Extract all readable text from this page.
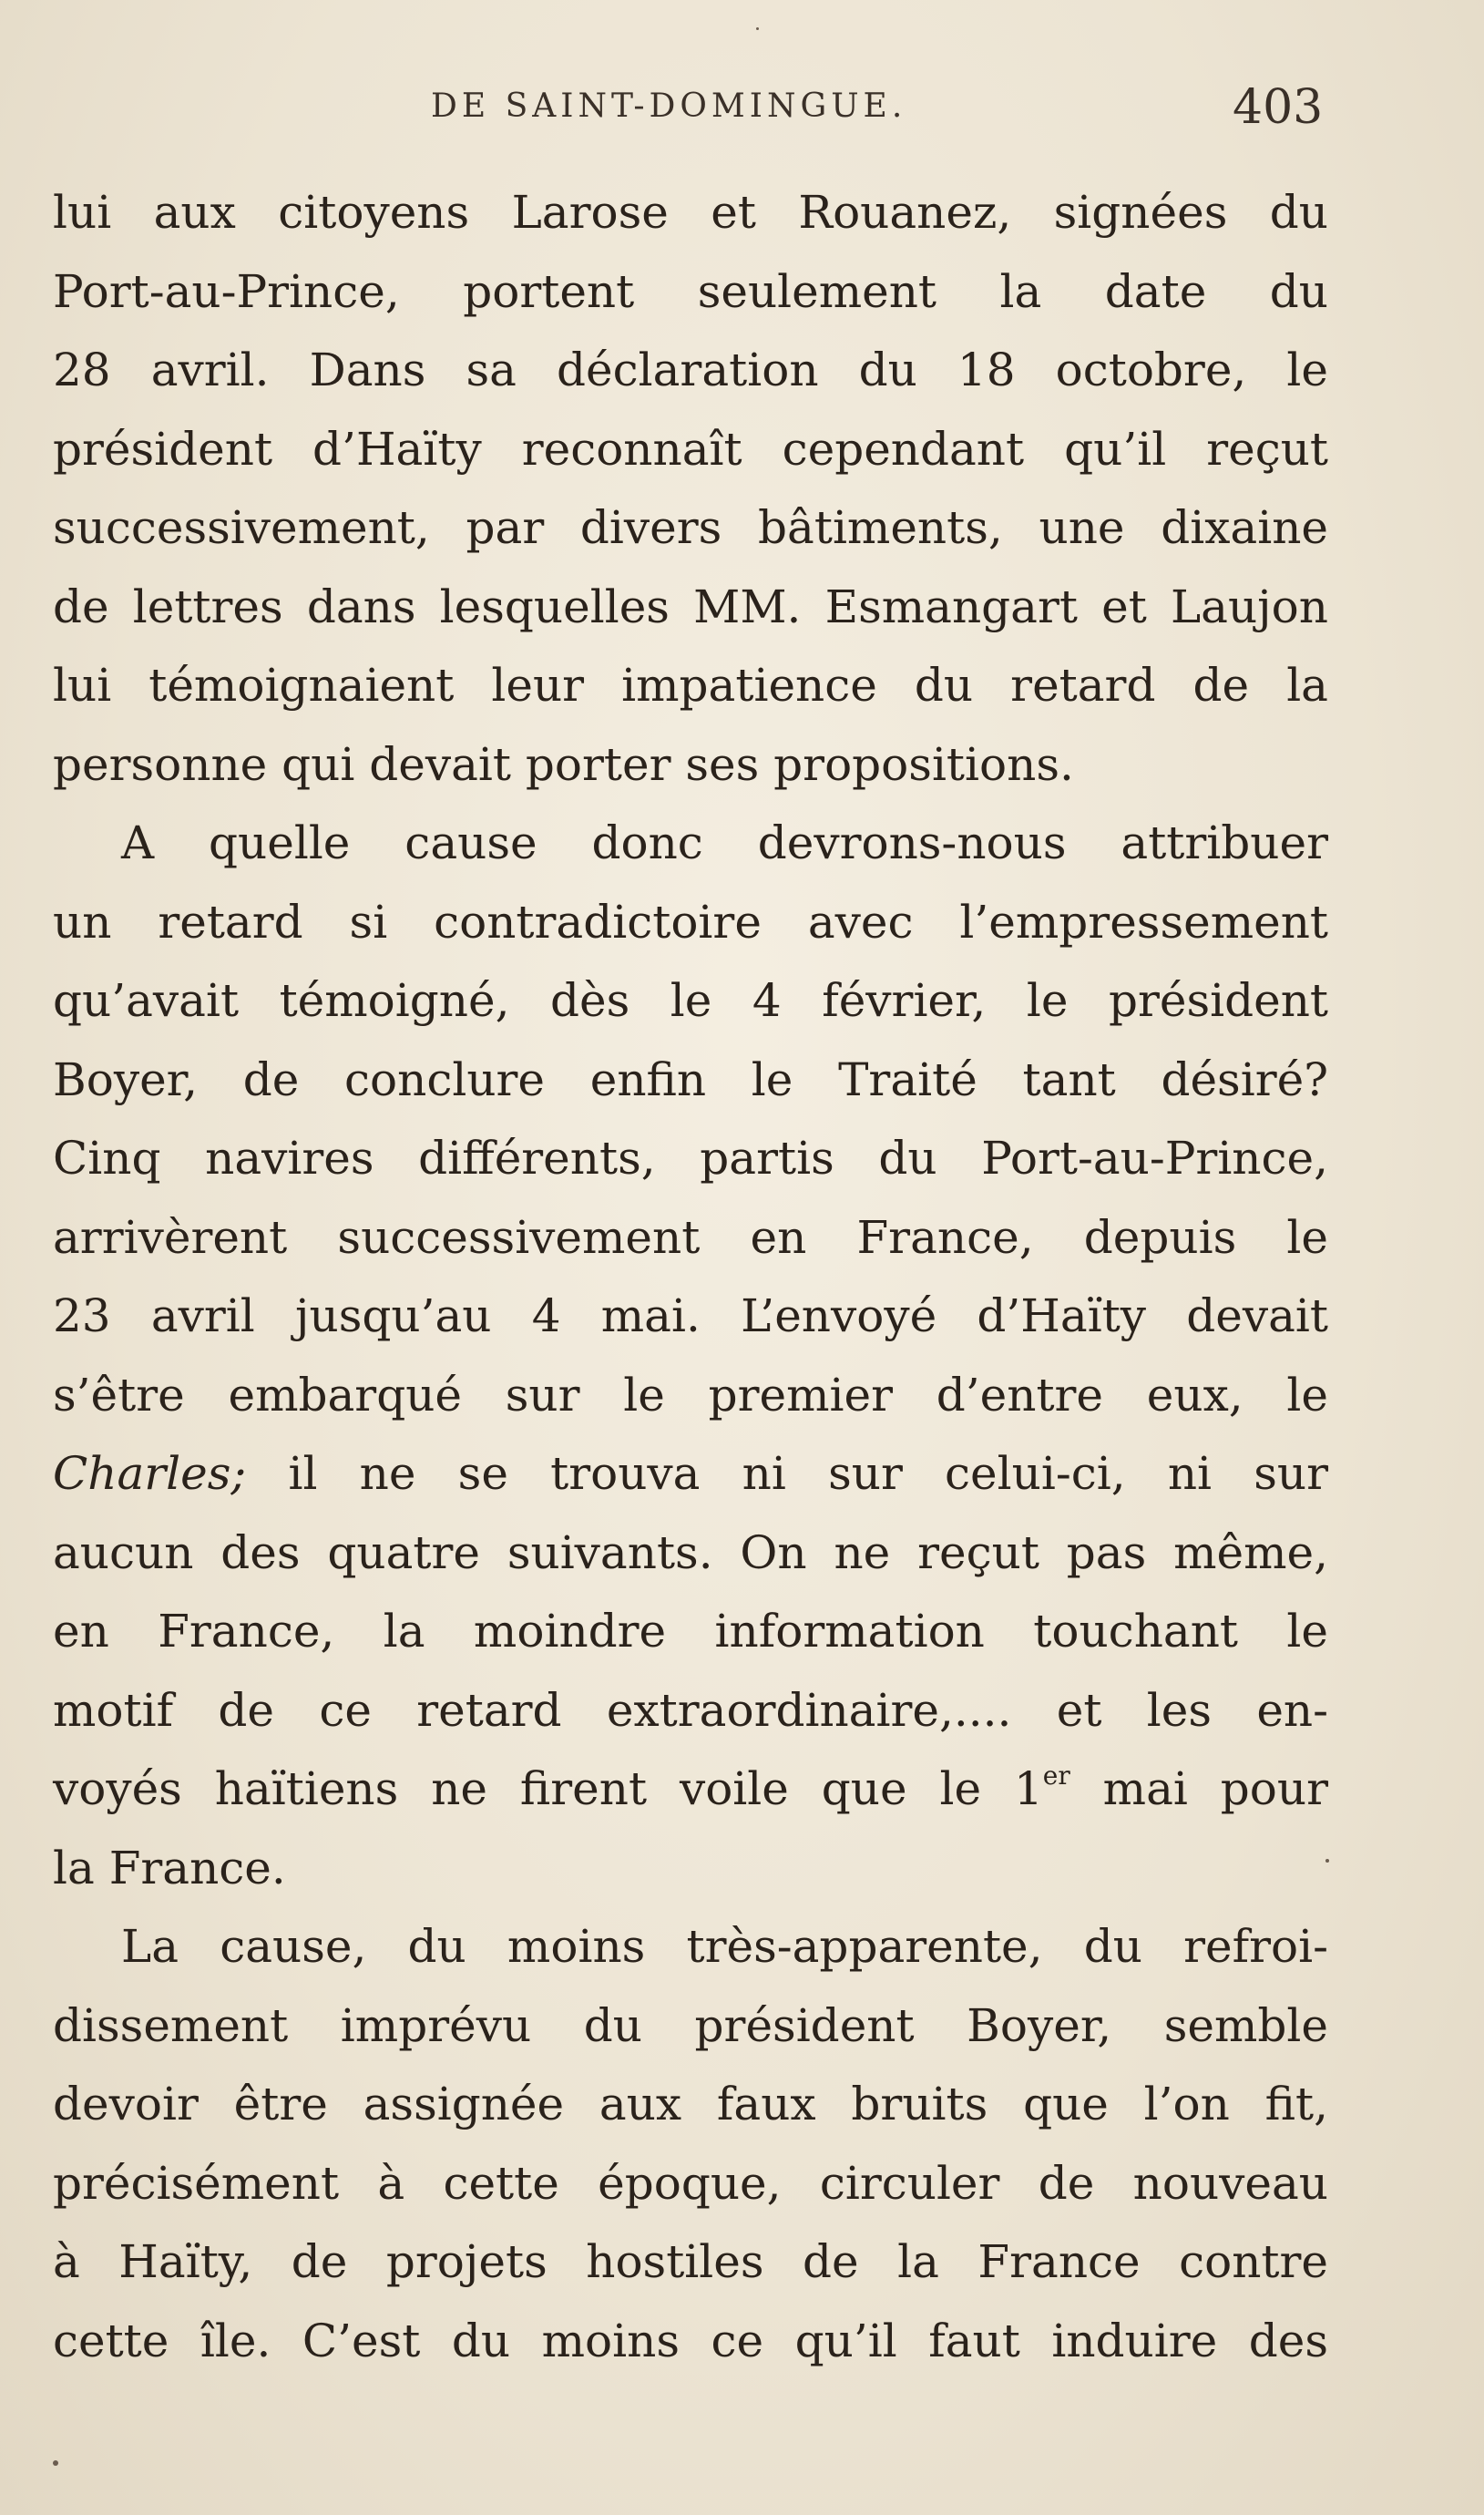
DE SAINT-DOMINGUE.	403
lui aux citoyens Larose et Rouanez, signées du
Port-au-Prince, portent seulement la date du
28 avril. Dans sa déclaration du 18 octobre, le
président d’Haïty reconnaît cependant qu’il reçut
successivement, par divers bâtiments, une dixaine
de lettres dans lesquelles MM. Esmangart et Laujon
lui témoignaient leur impatience du retard de la
personne qui devait porter ses propositions.
A quelle cause donc devrons-nous attribuer
un retard si contradictoire avec l’empressement
qu’avait témoigné, dès le 4 février, le président
Boyer, de conclure enfin le Traité tant désiré?
Cinq navires différents, partis du Port-au-Prince,
arrivèrent successivement en France, depuis le
23 avril jusqu’au 4 mai. L’envoyé d’Haïty devait
s’être embarqué sur le premier d’entre eux, le
Charles; il ne se trouva ni sur celui-ci, ni sur
aucun des quatre suivants. On ne reçut pas même,
en France, la moindre information touchant le
motif de ce retard extraordinaire,.... et les en-
voyés haïtiens ne firent voile que le 1er mai pour
la France.
La cause, du moins très-apparente, du refroi-
dissement imprévu du président Boyer, semble
devoir être assignée aux faux bruits que l’on fit,
précisément à cette époque, circuler de nouveau
à Haïty, de projets hostiles de la France contre
cette île. C’est du moins ce qu’il faut induire des
